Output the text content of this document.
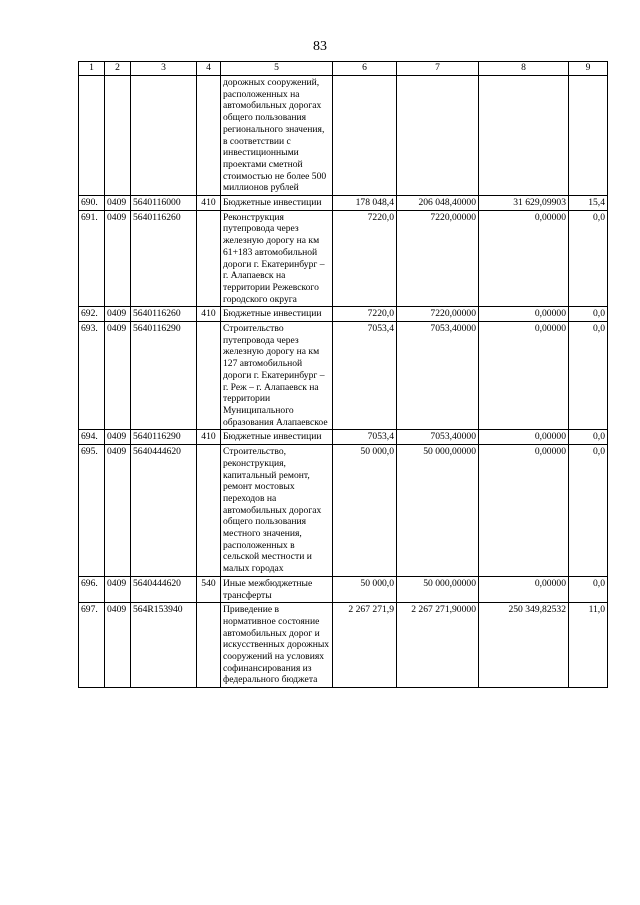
83
1	2	3	4	5	6	7	8	9
				дорожных сооружений, расположенных на автомобильных дорогах общего пользования регионального значения, в соответствии с инвестиционными проектами сметной стоимостью не более 500 миллионов рублей				
690.	0409	5640116000	410	Бюджетные инвестиции	178 048,4	206 048,40000	31 629,09903	15,4
691.	0409	5640116260		Реконструкция путепровода через железную дорогу на км 61+183 автомобильной дороги г. Екатеринбург – г. Алапаевск на территории Режевского городского округа	7220,0	7220,00000	0,00000	0,0
692.	0409	5640116260	410	Бюджетные инвестиции	7220,0	7220,00000	0,00000	0,0
693.	0409	5640116290		Строительство путепровода через железную дорогу на км 127 автомобильной дороги г. Екатеринбург – г. Реж – г. Алапаевск на территории Муниципального образования Алапаевское	7053,4	7053,40000	0,00000	0,0
694.	0409	5640116290	410	Бюджетные инвестиции	7053,4	7053,40000	0,00000	0,0
695.	0409	5640444620		Строительство, реконструкция, капитальный ремонт, ремонт мостовых переходов на автомобильных дорогах общего пользования местного значения, расположенных в сельской местности и малых городах	50 000,0	50 000,00000	0,00000	0,0
696.	0409	5640444620	540	Иные межбюджетные трансферты	50 000,0	50 000,00000	0,00000	0,0
697.	0409	564R153940		Приведение в нормативное состояние автомобильных дорог и искусственных дорожных сооружений на условиях софинансирования из федерального бюджета	2 267 271,9	2 267 271,90000	250 349,82532	11,0
